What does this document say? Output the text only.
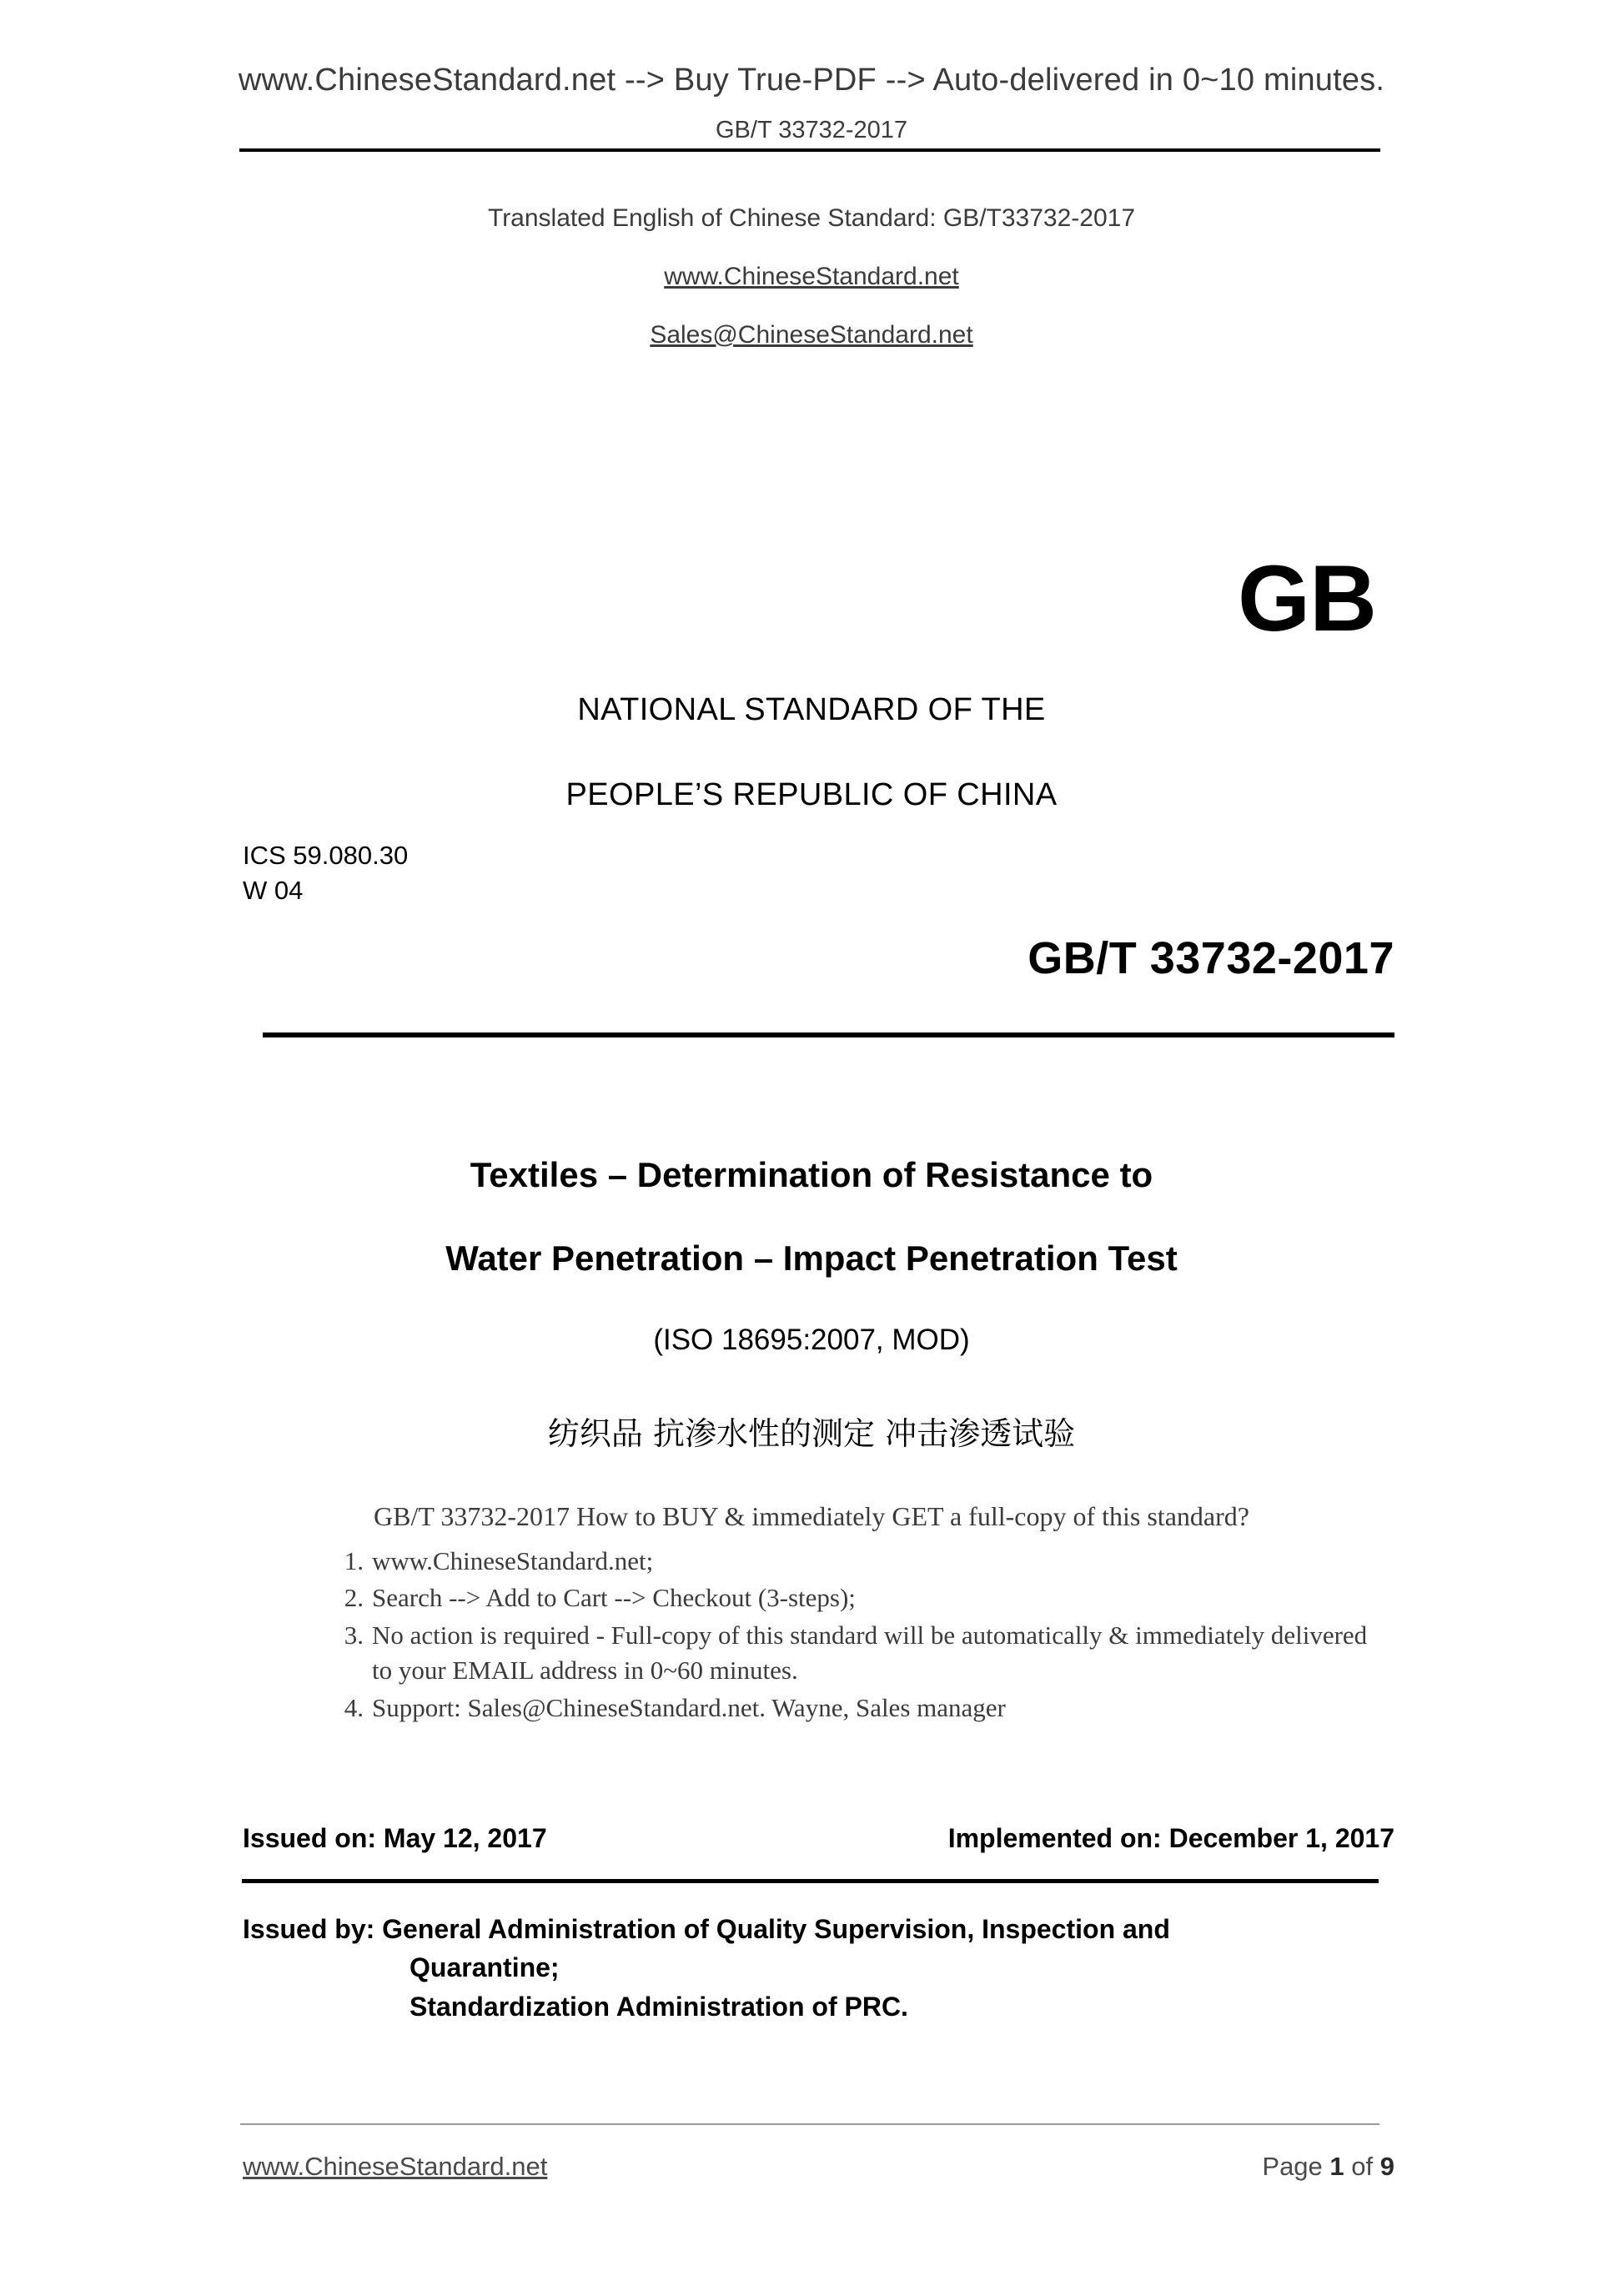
www.ChineseStandard.net --> Buy True-PDF --> Auto-delivered in 0~10 minutes.
GB/T 33732-2017
Translated English of Chinese Standard: GB/T33732-2017
www.ChineseStandard.net
Sales@ChineseStandard.net
GB
NATIONAL STANDARD OF THE
PEOPLE’S REPUBLIC OF CHINA
ICS 59.080.30
W 04
GB/T 33732-2017
Textiles – Determination of Resistance to
Water Penetration – Impact Penetration Test
(ISO 18695:2007, MOD)
纺织品 抗渗水性的测定 冲击渗透试验
GB/T 33732-2017 How to BUY & immediately GET a full-copy of this standard?
1. www.ChineseStandard.net;
2. Search --> Add to Cart --> Checkout (3-steps);
3. No action is required - Full-copy of this standard will be automatically & immediately delivered to your EMAIL address in 0~60 minutes.
4. Support: Sales@ChineseStandard.net. Wayne, Sales manager
Issued on: May 12, 2017	Implemented on: December 1, 2017
Issued by: General Administration of Quality Supervision, Inspection and
Quarantine;
Standardization Administration of PRC.
www.ChineseStandard.net	Page 1 of 9
